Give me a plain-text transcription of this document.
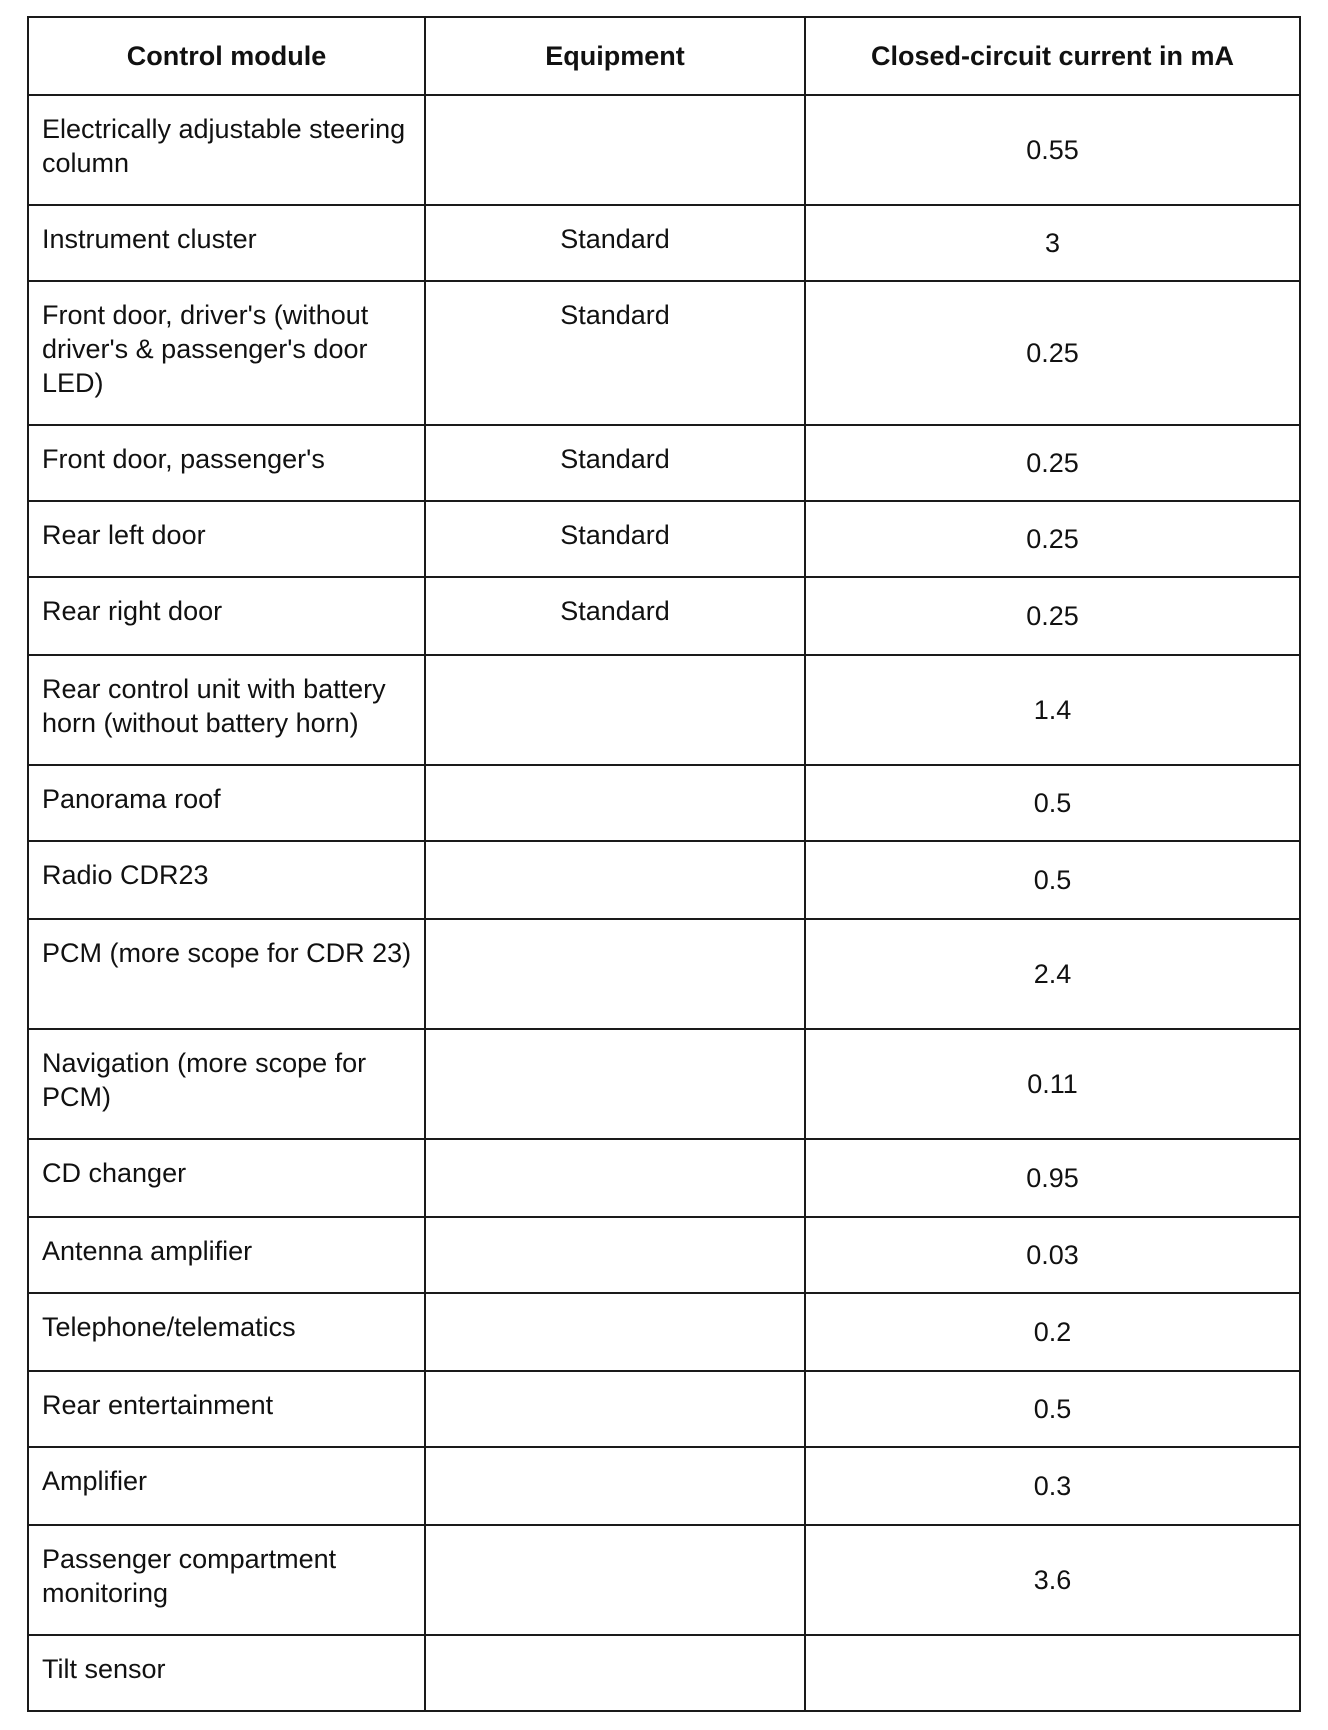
Control module	Equipment	Closed-circuit current in mA
Electrically adjustable steering column		0.55
Instrument cluster	Standard	3
Front door, driver's (without driver's & passenger's door LED)	Standard	0.25
Front door, passenger's	Standard	0.25
Rear left door	Standard	0.25
Rear right door	Standard	0.25
Rear control unit with battery horn (without battery horn)		1.4
Panorama roof		0.5
Radio CDR23		0.5
PCM (more scope for CDR 23)		2.4
Navigation (more scope for PCM)		0.11
CD changer		0.95
Antenna amplifier		0.03
Telephone/telematics		0.2
Rear entertainment		0.5
Amplifier		0.3
Passenger compartment monitoring		3.6
Tilt sensor		
